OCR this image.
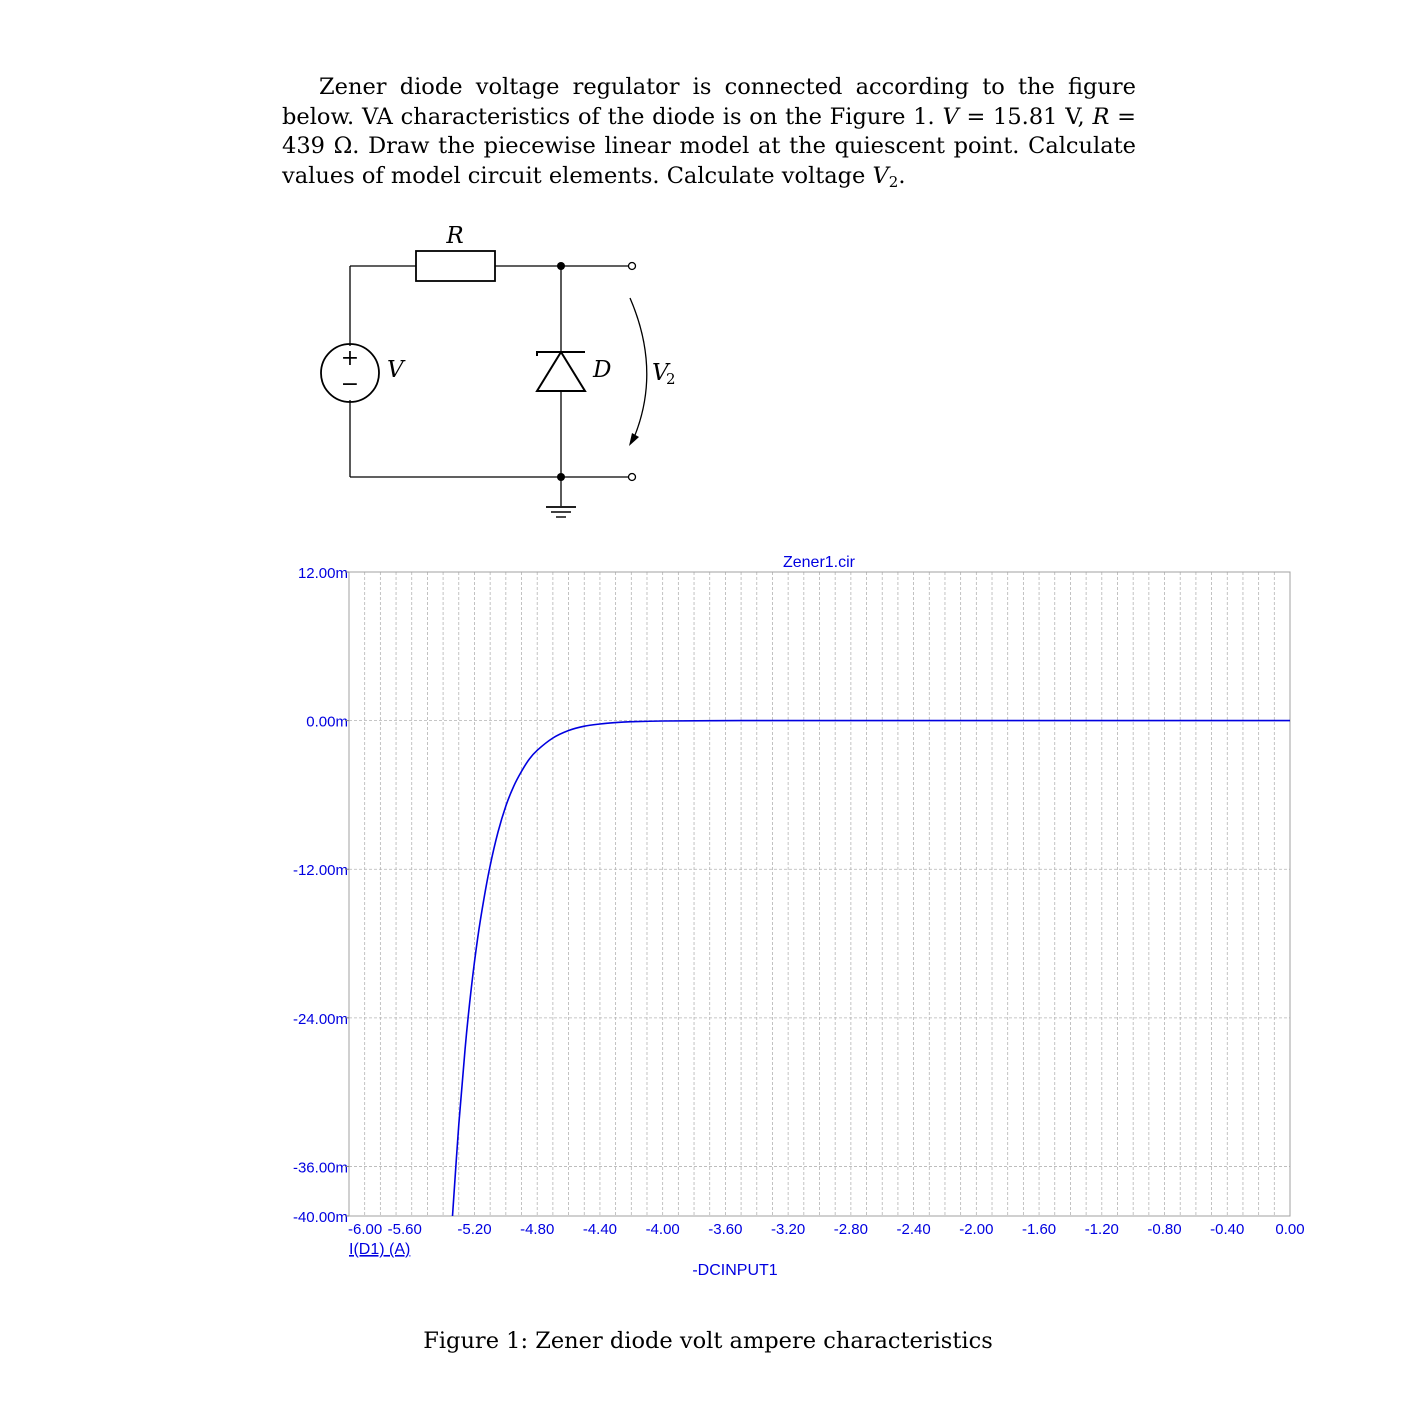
Zener diode voltage regulator is connected according to the figure below. VA characteristics of the diode is on the Figure 1. V = 15.81 V, R = 439 Ω. Draw the piecewise linear model at the quiescent point. Calculate values of model circuit elements. Calculate voltage $V_2$.

+
−
R
V	D V
2
12.00m
0.00m
-12.00m
-24.00m
-36.00m
-40.00m
-6.00 -5.60 -5.20 -4.80 -4.40 -4.00 -3.60 -3.20 -2.80 -2.40 -2.00 -1.60 -1.20 -0.80 -0.40 0.00
Zener1.cir
I(D1) (A)
-DCINPUT1
Figure 1: Zener diode volt ampere characteristics
